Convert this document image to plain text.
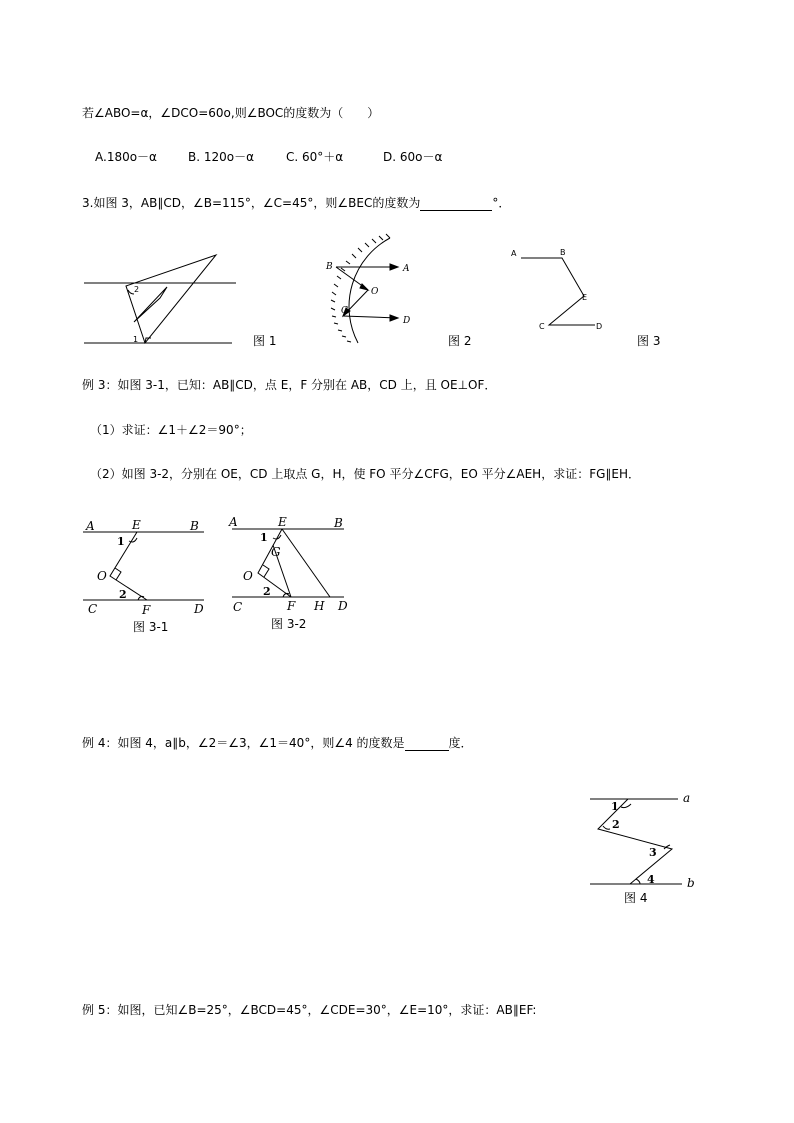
若∠ABO=α，∠DCO=60o,则∠BOC的度数为（　　）
A.180o－α	B. 120o－α	C. 60°＋α	D. 60o－α
3.如图 3，AB∥CD，∠B=115°，∠C=45°，则∠BEC的度数为	°．
2
1	图 1
B	A
O
C
D
图 2
A	B
E
C	D
图 3
例 3：如图 3-1，已知：AB∥CD，点 E，F 分别在 AB，CD 上，且 OE⊥OF．
（1）求证：∠1＋∠2＝90°；
（2）如图 3-2，分别在 OE，CD 上取点 G，H，使 FO 平分∠CFG，EO 平分∠AEH，求证：FG∥EH．
A	E	B
1
O
2
C	F	D
图 3-1
A	E	B
1
G
O
2
C	F H D
图 3-2
例 4：如图 4，a∥b，∠2＝∠3，∠1＝40°，则∠4 的度数是	度．
a
1
2
3
4	b
图 4
例 5：如图，已知∠B=25°，∠BCD=45°，∠CDE=30°，∠E=10°，求证：AB∥EF:
